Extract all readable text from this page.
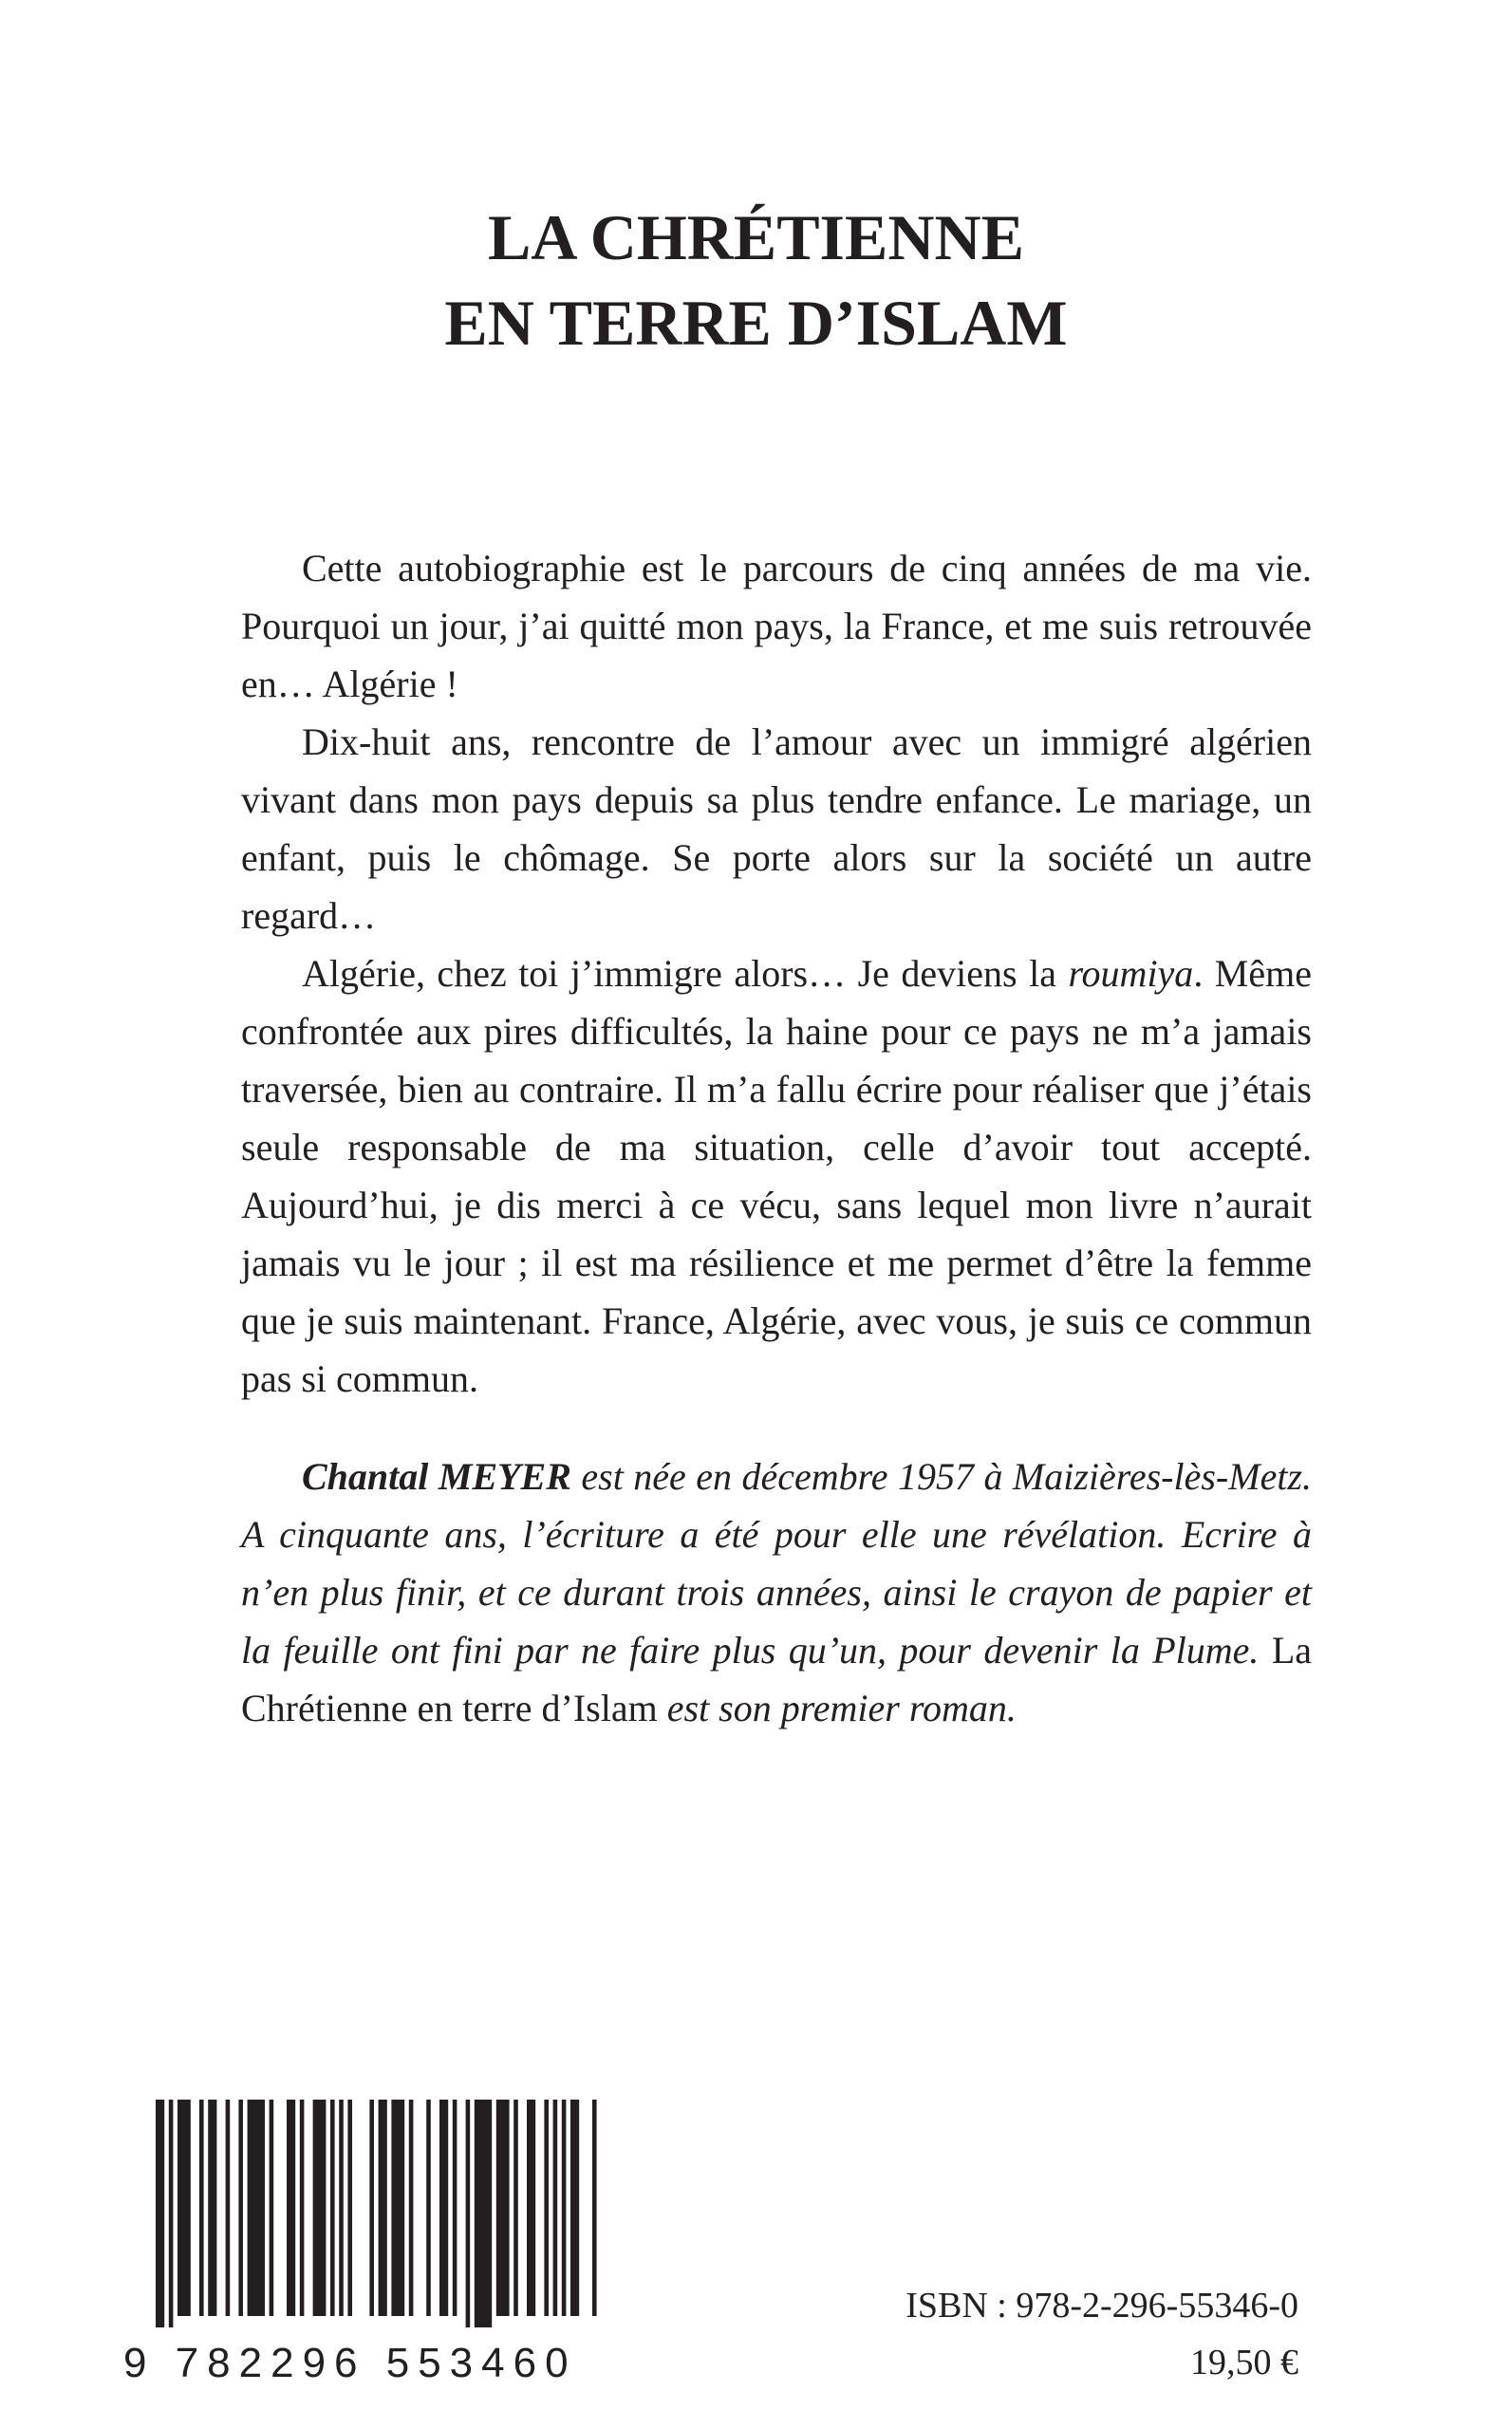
LA CHRÉTIENNE
EN TERRE D’ISLAM

Cette autobiographie est le parcours de cinq années de ma vie. Pourquoi un jour, j’ai quitté mon pays, la France, et me suis retrouvée en… Algérie !

Dix-huit ans, rencontre de l’amour avec un immigré algérien vivant dans mon pays depuis sa plus tendre enfance. Le mariage, un enfant, puis le chômage. Se porte alors sur la société un autre regard…

Algérie, chez toi j’immigre alors… Je deviens la roumiya. Même confrontée aux pires difficultés, la haine pour ce pays ne m’a jamais traversée, bien au contraire. Il m’a fallu écrire pour réaliser que j’étais seule responsable de ma situation, celle d’avoir tout accepté. Aujourd’hui, je dis merci à ce vécu, sans lequel mon livre n’aurait jamais vu le jour ; il est ma résilience et me permet d’être la femme que je suis maintenant. France, Algérie, avec vous, je suis ce commun pas si commun.

Chantal MEYER est née en décembre 1957 à Maizières-lès-Metz. A cinquante ans, l’écriture a été pour elle une révélation. Ecrire à n’en plus finir, et ce durant trois années, ainsi le crayon de papier et la feuille ont fini par ne faire plus qu’un, pour devenir la Plume. La Chrétienne en terre d’Islam est son premier roman.

9 782296 553460
ISBN : 978-2-296-55346-0
19,50 €
